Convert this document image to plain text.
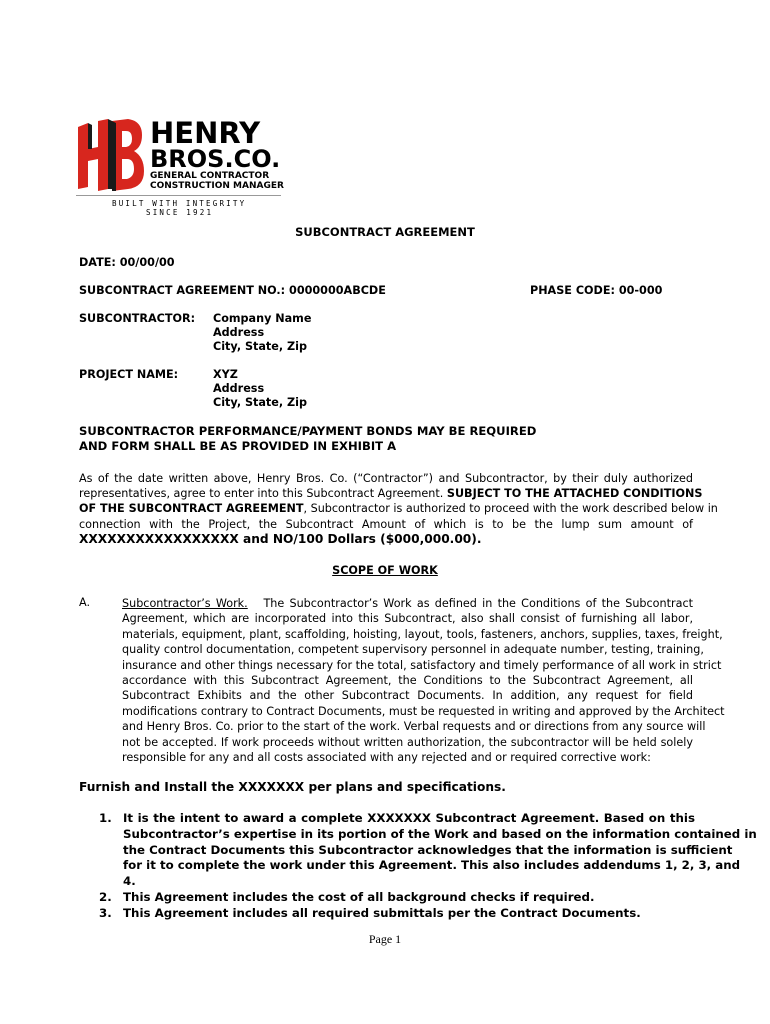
HENRY
BROS.CO.
GENERAL CONTRACTOR
CONSTRUCTION MANAGER
BUILT WITH INTEGRITY
SINCE 1921
SUBCONTRACT AGREEMENT
DATE: 00/00/00
SUBCONTRACT AGREEMENT NO.: 0000000ABCDE	PHASE CODE: 00-000
SUBCONTRACTOR: Company Name
Address
City, State, Zip
PROJECT NAME:	XYZ
Address
City, State, Zip
SUBCONTRACTOR PERFORMANCE/PAYMENT BONDS MAY BE REQUIRED
AND FORM SHALL BE AS PROVIDED IN EXHIBIT A
As of the date written above, Henry Bros. Co. (“Contractor”) and Subcontractor, by their duly authorized
representatives, agree to enter into this Subcontract Agreement. SUBJECT TO THE ATTACHED CONDITIONS
OF THE SUBCONTRACT AGREEMENT, Subcontractor is authorized to proceed with the work described below in
connection with the Project, the Subcontract Amount of which is to be the lump sum amount of
XXXXXXXXXXXXXXXXX and NO/100 Dollars ($000,000.00).
SCOPE OF WORK
A.	Subcontractor’s Work. The Subcontractor’s Work as defined in the Conditions of the Subcontract
Agreement, which are incorporated into this Subcontract, also shall consist of furnishing all labor,
materials, equipment, plant, scaffolding, hoisting, layout, tools, fasteners, anchors, supplies, taxes, freight,
quality control documentation, competent supervisory personnel in adequate number, testing, training,
insurance and other things necessary for the total, satisfactory and timely performance of all work in strict
accordance with this Subcontract Agreement, the Conditions to the Subcontract Agreement, all
Subcontract Exhibits and the other Subcontract Documents. In addition, any request for field
modifications contrary to Contract Documents, must be requested in writing and approved by the Architect
and Henry Bros. Co. prior to the start of the work. Verbal requests and or directions from any source will
not be accepted. If work proceeds without written authorization, the subcontractor will be held solely
responsible for any and all costs associated with any rejected and or required corrective work:
Furnish and Install the XXXXXXX per plans and specifications.
1. It is the intent to award a complete XXXXXXX Subcontract Agreement. Based on this
Subcontractor’s expertise in its portion of the Work and based on the information contained in
the Contract Documents this Subcontractor acknowledges that the information is sufficient
for it to complete the work under this Agreement. This also includes addendums 1, 2, 3, and
4.
2. This Agreement includes the cost of all background checks if required.
3. This Agreement includes all required submittals per the Contract Documents.
Page 1
